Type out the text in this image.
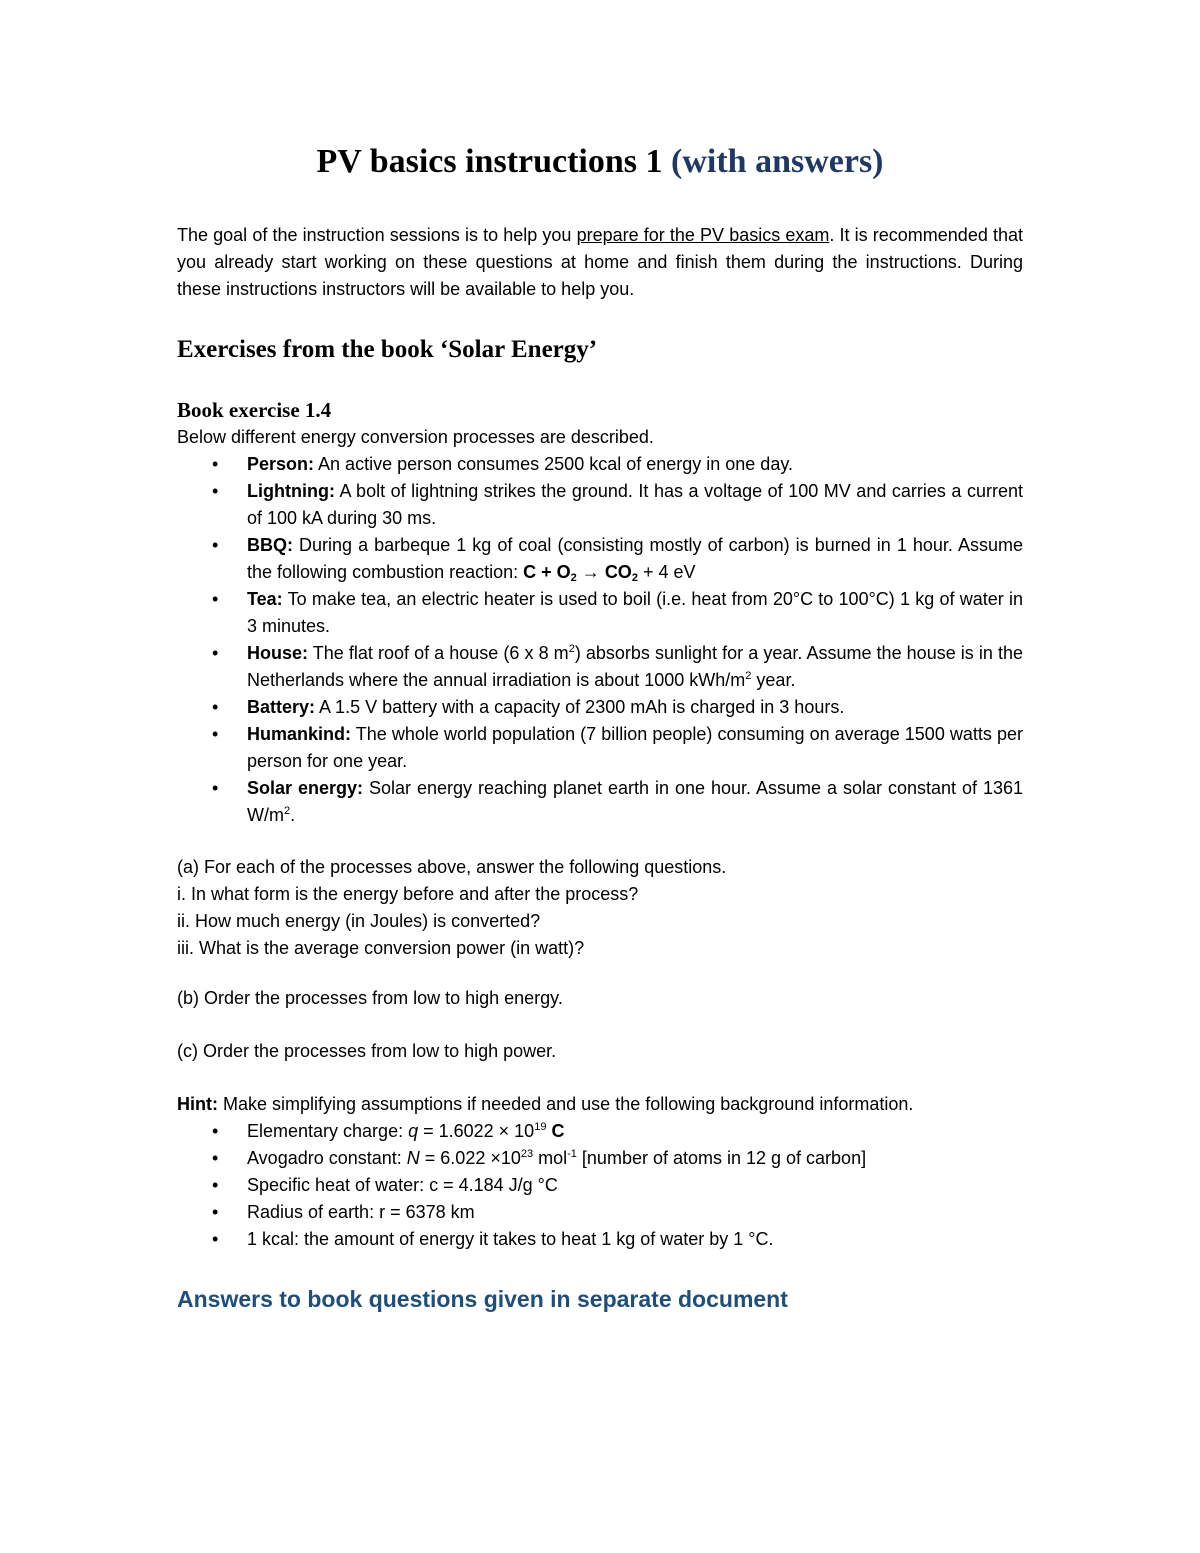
PV basics instructions 1 (with answers)
The goal of the instruction sessions is to help you prepare for the PV basics exam. It is recommended that you already start working on these questions at home and finish them during the instructions. During these instructions instructors will be available to help you.
Exercises from the book ‘Solar Energy’
Book exercise 1.4
Below different energy conversion processes are described.
• Person: An active person consumes 2500 kcal of energy in one day.
• Lightning: A bolt of lightning strikes the ground. It has a voltage of 100 MV and carries a current of 100 kA during 30 ms.
• BBQ: During a barbeque 1 kg of coal (consisting mostly of carbon) is burned in 1 hour. Assume the following combustion reaction: $C + O_2 \to CO_2 + 4$ eV
• Tea: To make tea, an electric heater is used to boil (i.e. heat from 20°C to 100°C) 1 kg of water in 3 minutes.
• House: The flat roof of a house (6 x 8 $m^2$) absorbs sunlight for a year. Assume the house is in the Netherlands where the annual irradiation is about 1000 kWh/$m^2$ year.
• Battery: A 1.5 V battery with a capacity of 2300 mAh is charged in 3 hours.
• Humankind: The whole world population (7 billion people) consuming on average 1500 watts per person for one year.
• Solar energy: Solar energy reaching planet earth in one hour. Assume a solar constant of 1361 $W/m^2$.
(a) For each of the processes above, answer the following questions.
i. In what form is the energy before and after the process?
ii. How much energy (in Joules) is converted?
iii. What is the average conversion power (in watt)?
(b) Order the processes from low to high energy.
(c) Order the processes from low to high power.
Hint: Make simplifying assumptions if needed and use the following background information.
• Elementary charge: $q = 1.6022 \times 10^{19}$ C
• Avogadro constant: $N = 6.022 \times 10^{23}$ mol$^{-1}$ [number of atoms in 12 g of carbon]
• Specific heat of water: c = 4.184 J/g °C
• Radius of earth: r = 6378 km
• 1 kcal: the amount of energy it takes to heat 1 kg of water by 1 °C.
Answers to book questions given in separate document
